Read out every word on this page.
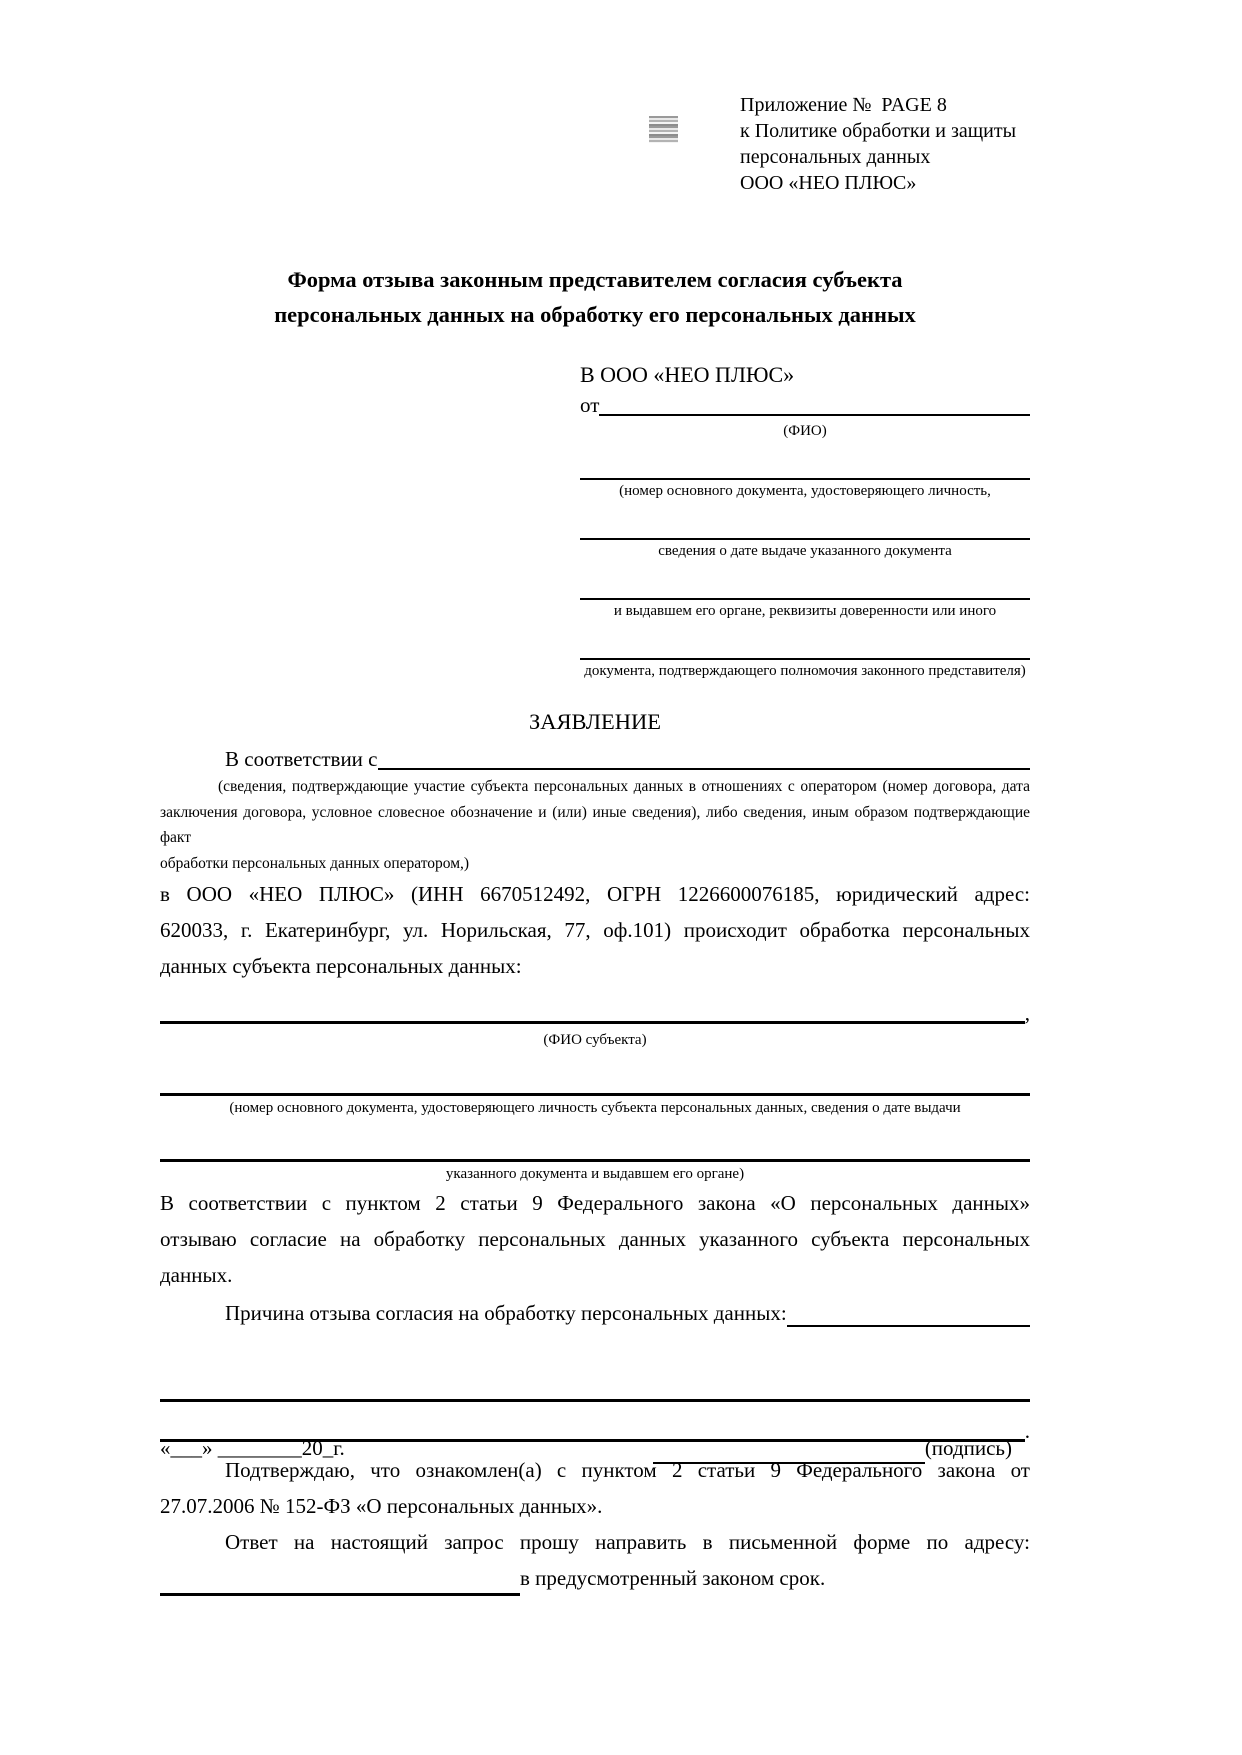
Приложение №  PAGE 8
к Политике обработки и защиты
персональных данных
ООО «НЕО ПЛЮС»
Форма отзыва законным представителем согласия субъекта
персональных данных на обработку его персональных данных
В ООО «НЕО ПЛЮС»
от
(ФИО)
(номер основного документа, удостоверяющего личность,
сведения о дате выдаче указанного документа
и выдавшем его органе, реквизиты доверенности или иного
документа, подтверждающего полномочия законного представителя)
ЗАЯВЛЕНИЕ
В соответствии с
(сведения, подтверждающие участие субъекта персональных данных в отношениях с оператором (номер договора, дата
заключения договора, условное словесное обозначение и (или) иные сведения), либо сведения, иным образом подтверждающие факт
обработки персональных данных оператором,)
в ООО «НЕО ПЛЮС» (ИНН 6670512492, ОГРН 1226600076185, юридический адрес:
620033, г. Екатеринбург, ул. Норильская, 77, оф.101) происходит обработка персональных
данных субъекта персональных данных:
,
(ФИО субъекта)
(номер основного документа, удостоверяющего личность субъекта персональных данных, сведения о дате выдачи
указанного документа и выдавшем его органе)
В соответствии с пунктом 2 статьи 9 Федерального закона «О персональных данных»
отзываю согласие на обработку персональных данных указанного субъекта персональных
данных.
Причина отзыва согласия на обработку персональных данных:
.
Подтверждаю, что ознакомлен(а) с пунктом 2 статьи 9 Федерального закона от
27.07.2006 № 152-ФЗ «О персональных данных».
Ответ на настоящий запрос прошу направить в письменной форме по адресу:
в предусмотренный законом срок.
«___» ________20_г.	(подпись)
